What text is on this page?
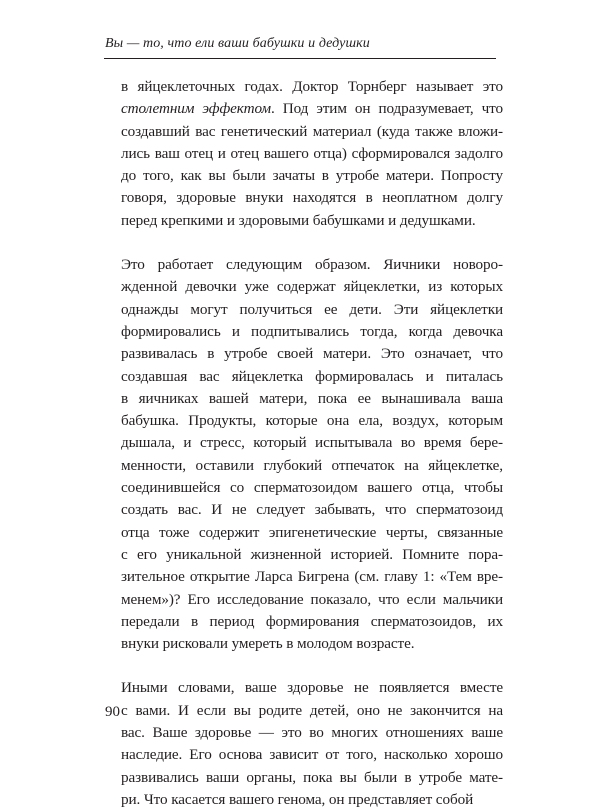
Вы — то, что ели ваши бабушки и дедушки

в яйцеклеточных годах. Доктор Торнберг называет это
столетним эффектом. Под этим он подразумевает, что
создавший вас генетический материал (куда также вложи-
лись ваш отец и отец вашего отца) сформировался задолго
до того, как вы были зачаты в утробе матери. Попросту
говоря, здоровые внуки находятся в неоплатном долгу
перед крепкими и здоровыми бабушками и дедушками.

Это работает следующим образом. Яичники новоро-
жденной девочки уже содержат яйцеклетки, из которых
однажды могут получиться ее дети. Эти яйцеклетки
формировались и подпитывались тогда, когда девочка
развивалась в утробе своей матери. Это означает, что
создавшая вас яйцеклетка формировалась и питалась
в яичниках вашей матери, пока ее вынашивала ваша
бабушка. Продукты, которые она ела, воздух, которым
дышала, и стресс, который испытывала во время бере-
менности, оставили глубокий отпечаток на яйцеклетке,
соединившейся со сперматозоидом вашего отца, чтобы
создать вас. И не следует забывать, что сперматозоид
отца тоже содержит эпигенетические черты, связанные
с его уникальной жизненной историей. Помните пора-
зительное открытие Ларса Бигрена (см. главу 1: «Тем вре-
менем»)? Его исследование показало, что если мальчики
передали в период формирования сперматозоидов, их
внуки рисковали умереть в молодом возрасте.

Иными словами, ваше здоровье не появляется вместе
с вами. И если вы родите детей, оно не закончится на
вас. Ваше здоровье — это во многих отношениях ваше
наследие. Его основа зависит от того, насколько хорошо
развивались ваши органы, пока вы были в утробе мате-
ри. Что касается вашего генома, он представляет собой

90
